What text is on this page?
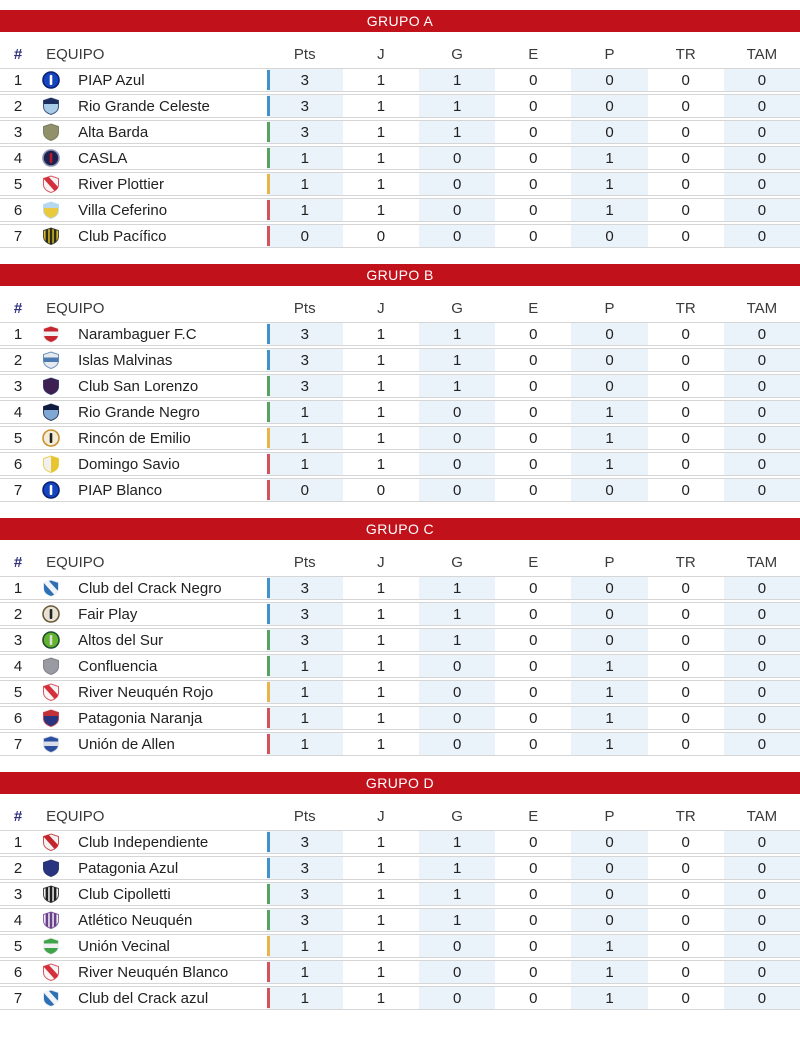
GRUPO A
#	EQUIPO		Pts	J	G	E	P	TR	TAM
1		PIAP Azul	3	1	1	0	0	0	0
2		Rio Grande Celeste	3	1	1	0	0	0	0
3		Alta Barda	3	1	1	0	0	0	0
4		CASLA	1	1	0	0	1	0	0
5		River Plottier	1	1	0	0	1	0	0
6		Villa Ceferino	1	1	0	0	1	0	0
7		Club Pacífico	0	0	0	0	0	0	0
GRUPO B
#	EQUIPO		Pts	J	G	E	P	TR	TAM
1		Narambaguer F.C	3	1	1	0	0	0	0
2		Islas Malvinas	3	1	1	0	0	0	0
3		Club San Lorenzo	3	1	1	0	0	0	0
4		Rio Grande Negro	1	1	0	0	1	0	0
5		Rincón de Emilio	1	1	0	0	1	0	0
6		Domingo Savio	1	1	0	0	1	0	0
7		PIAP Blanco	0	0	0	0	0	0	0
GRUPO C
#	EQUIPO		Pts	J	G	E	P	TR	TAM
1		Club del Crack Negro	3	1	1	0	0	0	0
2		Fair Play	3	1	1	0	0	0	0
3		Altos del Sur	3	1	1	0	0	0	0
4		Confluencia	1	1	0	0	1	0	0
5		River Neuquén Rojo	1	1	0	0	1	0	0
6		Patagonia Naranja	1	1	0	0	1	0	0
7		Unión de Allen	1	1	0	0	1	0	0
GRUPO D
#	EQUIPO		Pts	J	G	E	P	TR	TAM
1		Club Independiente	3	1	1	0	0	0	0
2		Patagonia Azul	3	1	1	0	0	0	0
3		Club Cipolletti	3	1	1	0	0	0	0
4		Atlético Neuquén	3	1	1	0	0	0	0
5		Unión Vecinal	1	1	0	0	1	0	0
6		River Neuquén Blanco	1	1	0	0	1	0	0
7		Club del Crack azul	1	1	0	0	1	0	0
